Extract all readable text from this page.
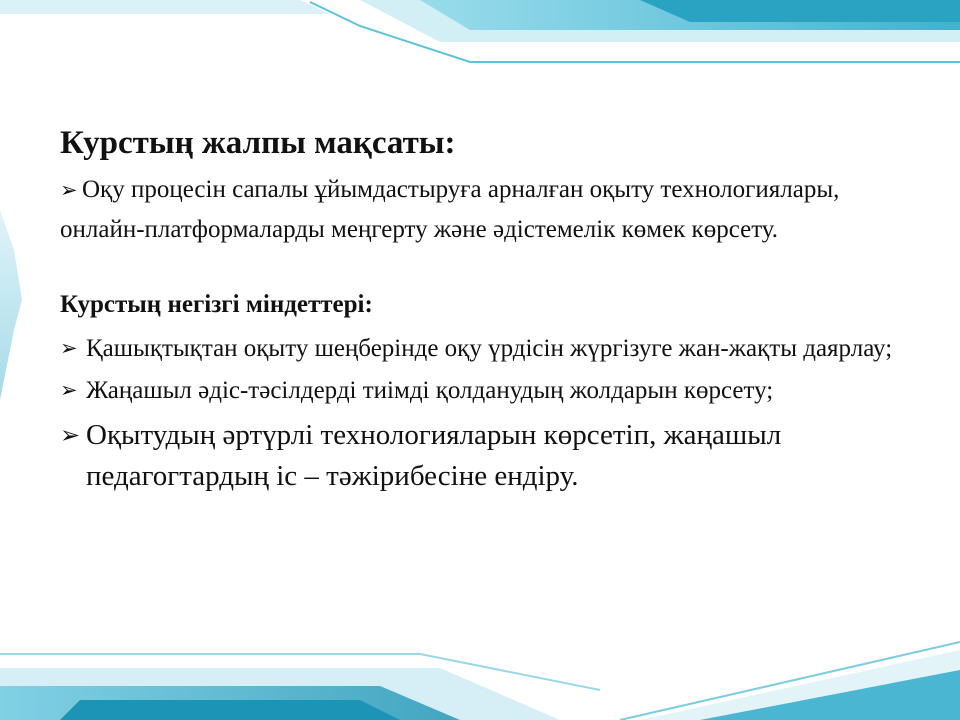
Курстың жалпы мақсаты:

➢ Оқу процесін сапалы ұйымдастыруға арналған оқыту технологиялары, онлайн-платформаларды меңгерту және әдістемелік көмек көрсету.

Курстың негізгі міндеттері:

➢ Қашықтықтан оқыту шеңберінде оқу үрдісін жүргізуге жан-жақты даярлау;

➢ Жаңашыл әдіс-тәсілдерді тиімді қолданудың жолдарын көрсету;

➢ Оқытудың әртүрлі технологияларын көрсетіп, жаңашыл педагогтардың іс – тәжірибесіне ендіру.
